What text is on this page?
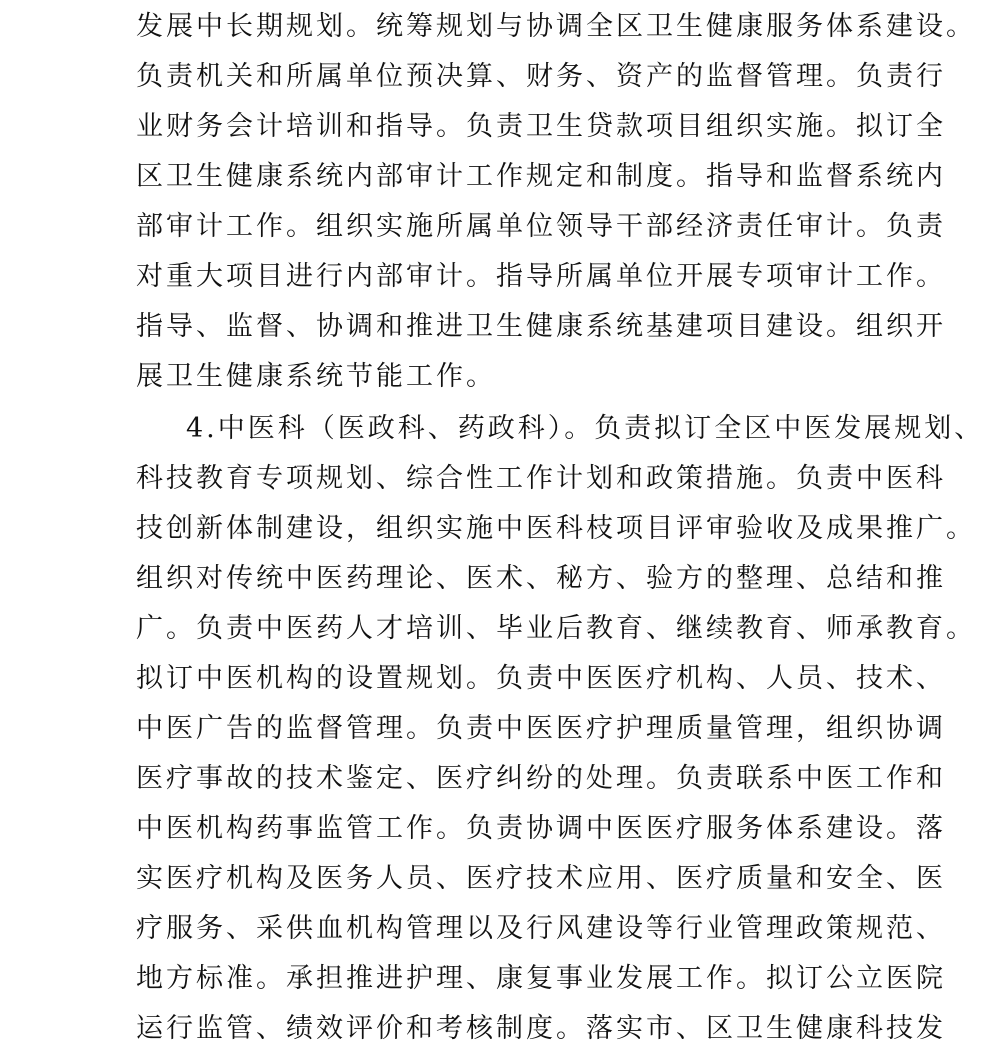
发展中长期规划。统筹规划与协调全区卫生健康服务体系建设。
负责机关和所属单位预决算、财务、资产的监督管理。负责行
业财务会计培训和指导。负责卫生贷款项目组织实施。拟订全
区卫生健康系统内部审计工作规定和制度。指导和监督系统内
部审计工作。组织实施所属单位领导干部经济责任审计。负责
对重大项目进行内部审计。指导所属单位开展专项审计工作。
指导、监督、协调和推进卫生健康系统基建项目建设。组织开
展卫生健康系统节能工作。
4.中医科（医政科、药政科）。负责拟订全区中医发展规划、
科技教育专项规划、综合性工作计划和政策措施。负责中医科
技创新体制建设，组织实施中医科枝项目评审验收及成果推广。
组织对传统中医药理论、医术、秘方、验方的整理、总结和推
广。负责中医药人才培训、毕业后教育、继续教育、师承教育。
拟订中医机构的设置规划。负责中医医疗机构、人员、技术、
中医广告的监督管理。负责中医医疗护理质量管理，组织协调
医疗事故的技术鉴定、医疗纠纷的处理。负责联系中医工作和
中医机构药事监管工作。负责协调中医医疗服务体系建设。落
实医疗机构及医务人员、医疗技术应用、医疗质量和安全、医
疗服务、采供血机构管理以及行风建设等行业管理政策规范、
地方标准。承担推进护理、康复事业发展工作。拟订公立医院
运行监管、绩效评价和考核制度。落实市、区卫生健康科技发
